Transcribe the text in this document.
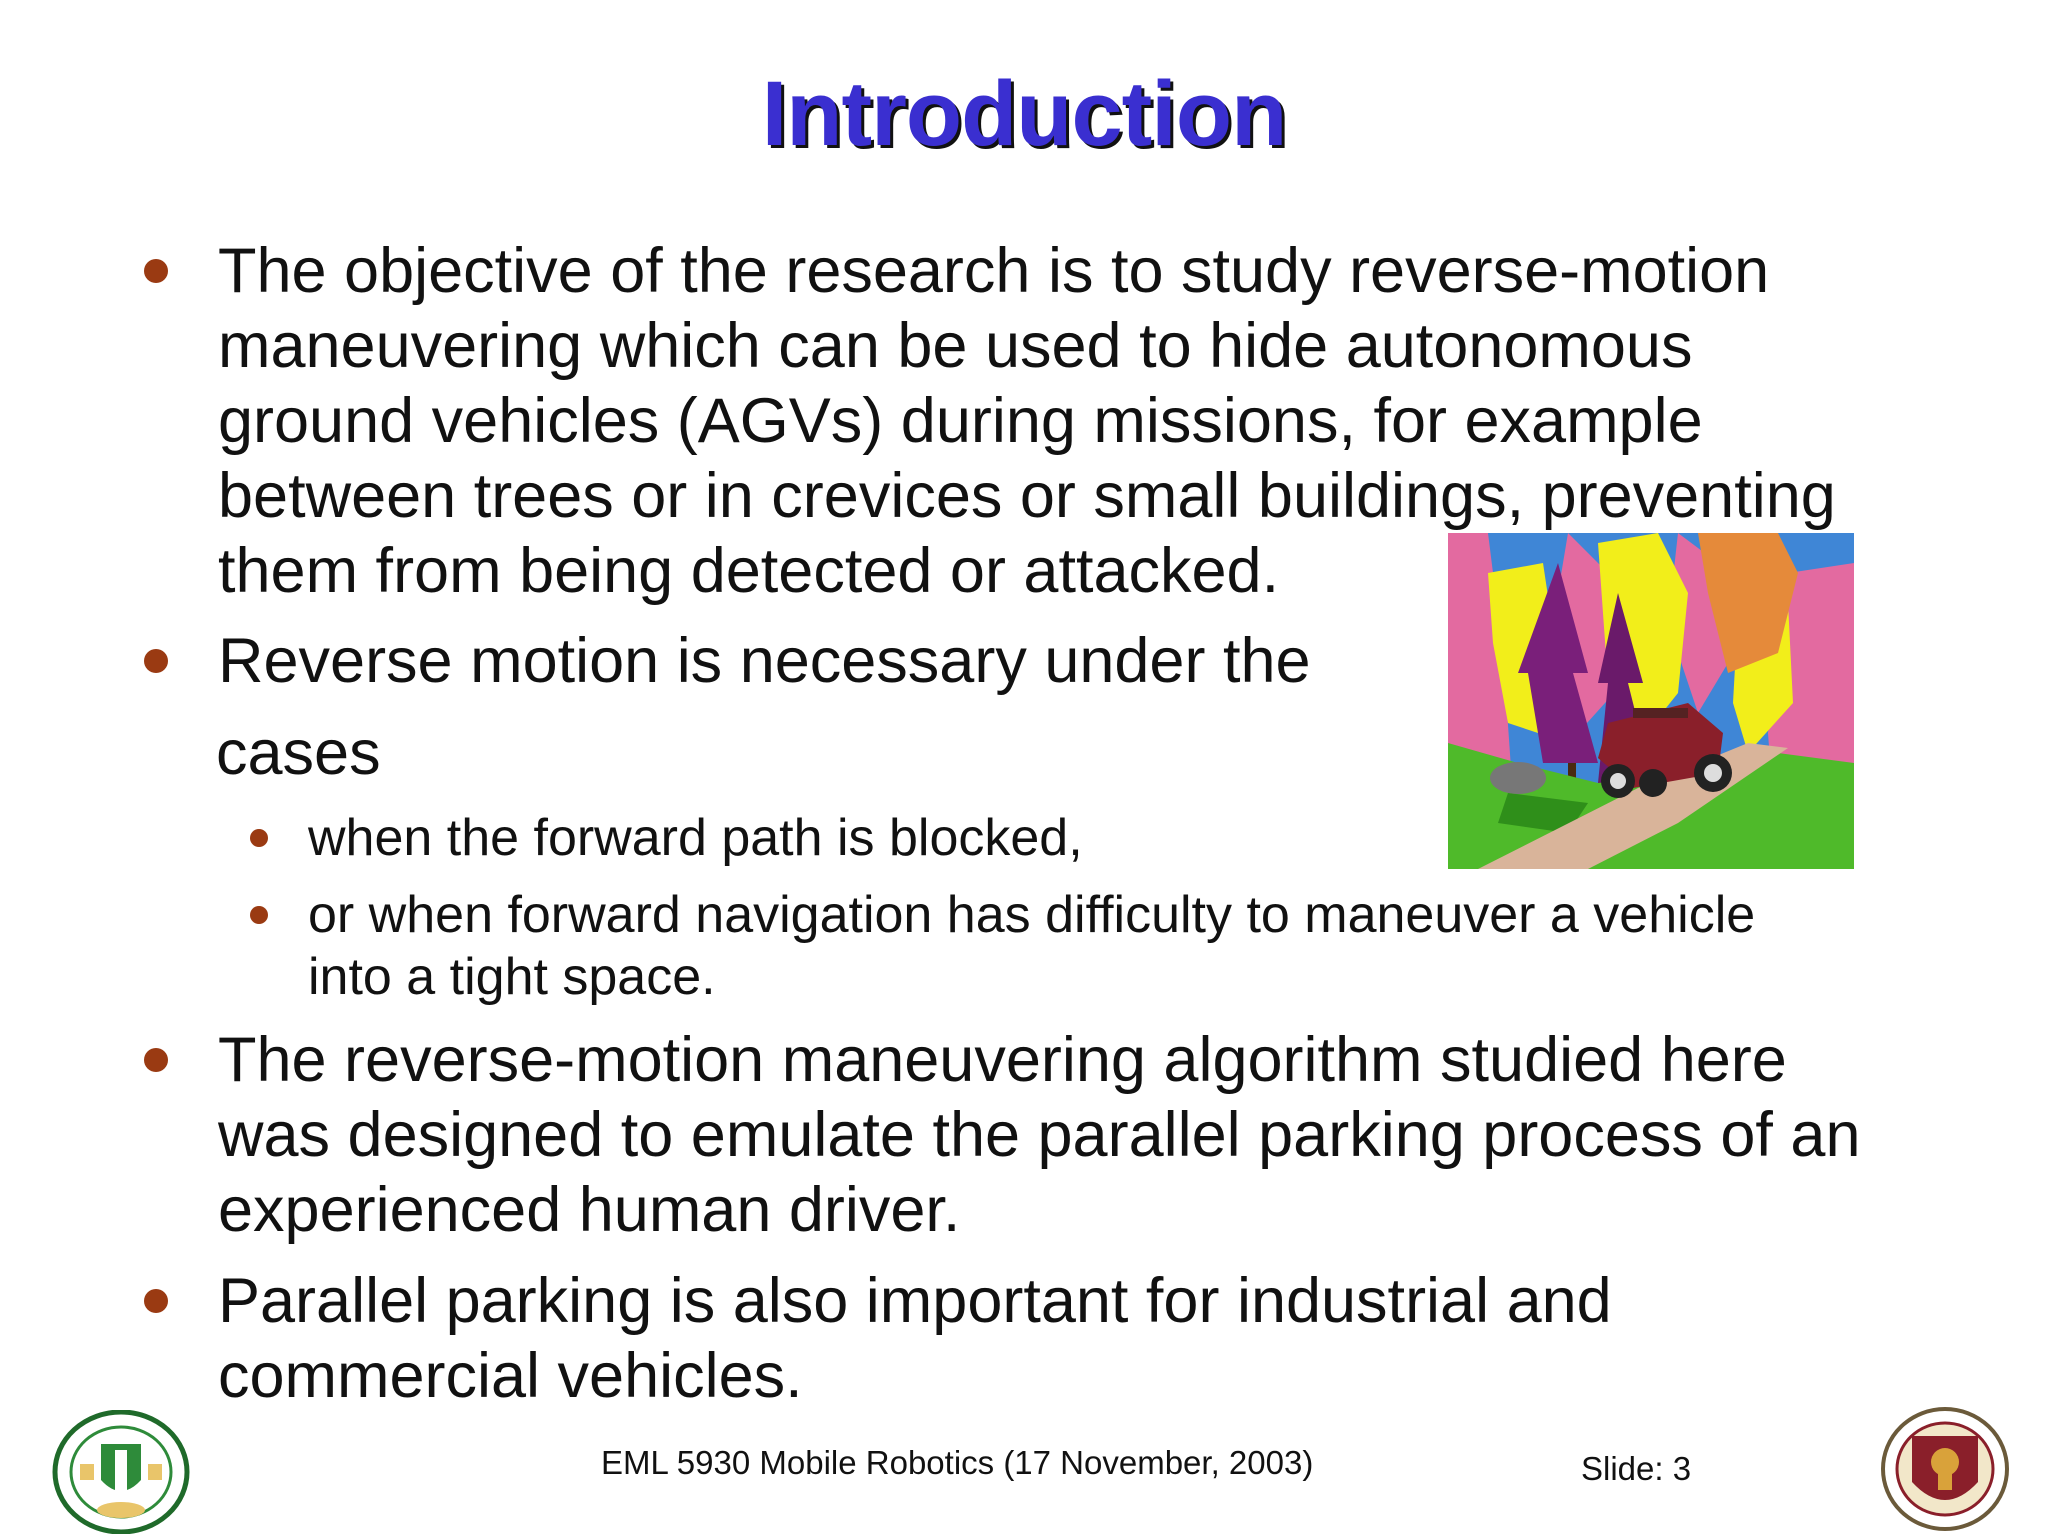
Introduction
The objective of the research is to study reverse-motion
maneuvering which can be used to hide autonomous
ground vehicles (AGVs) during missions, for example
between trees or in crevices or small buildings, preventing
them from being detected or attacked.
Reverse motion is necessary under the
cases
when the forward path is blocked,
or when forward navigation has difficulty to maneuver a vehicle
into a tight space.
The reverse-motion maneuvering algorithm studied here
was designed to emulate the parallel parking process of an
experienced human driver.
Parallel parking is also important for industrial and
commercial vehicles.
EML 5930 Mobile Robotics (17 November, 2003)	Slide: 3
